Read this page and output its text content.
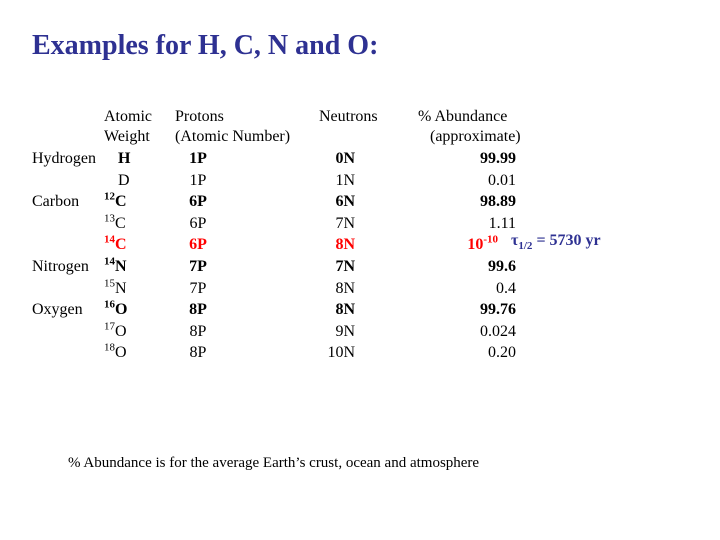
Examples for H, C, N and O:
Atomic
Weight
Protons
(Atomic Number)
Neutrons	% Abundance
(approximate)
Hydrogen H	1P	0N	99.99
D	1P	1N	0.01
Carbon $^{12}$C	6P	6N	98.89
$^{13}$C	6P	7N	1.11
$^{14}$C	6P	8N	$10^{-10}$
Nitrogen $^{14}$N	7P	7N	99.6
$^{15}$N	7P	8N	0.4
Oxygen $^{16}$O	8P	8N	99.76
$^{17}$O	8P	9N	0.024
$^{18}$O	8P	10N	0.20
$\tau_{1/2} = 5730$ yr
% Abundance is for the average Earth’s crust, ocean and atmosphere
